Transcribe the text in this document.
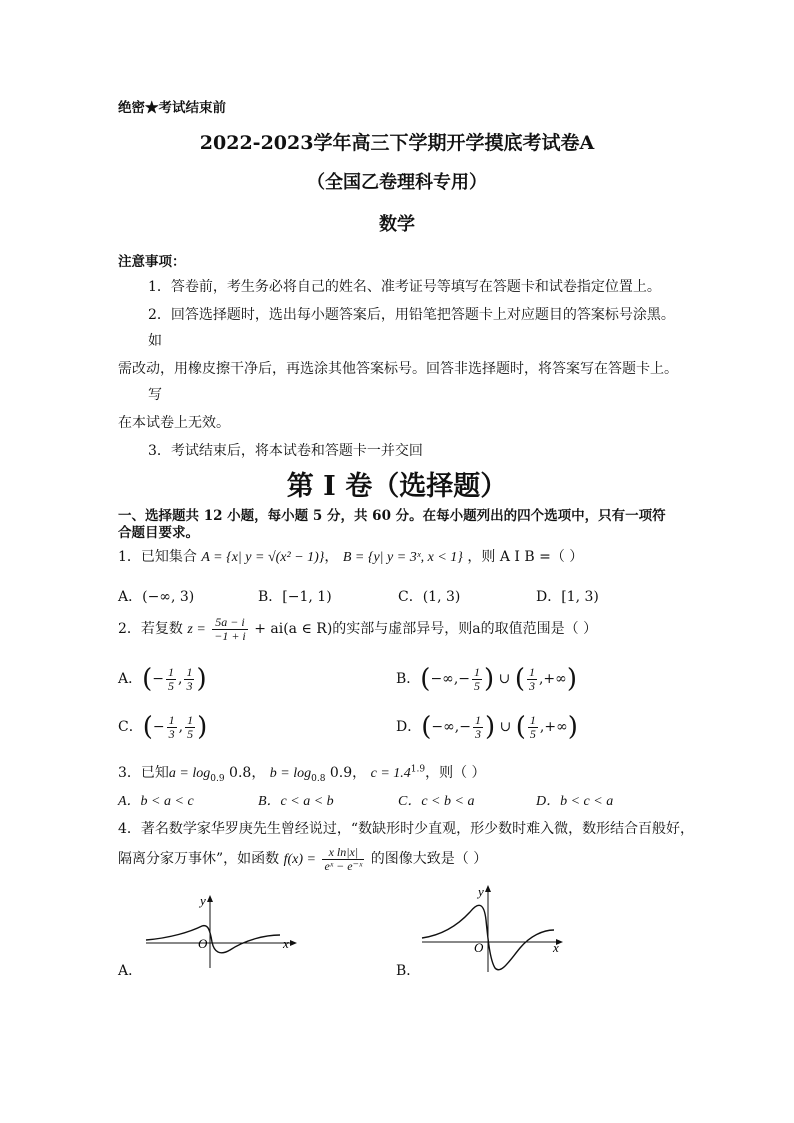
绝密★考试结束前
2022-2023学年高三下学期开学摸底考试卷A
（全国乙卷理科专用）
数学
注意事项：
1．答卷前，考生务必将自己的姓名、准考证号等填写在答题卡和试卷指定位置上。
2．回答选择题时，选出每小题答案后，用铅笔把答题卡上对应题目的答案标号涂黑。
如
需改动，用橡皮擦干净后，再选涂其他答案标号。回答非选择题时，将答案写在答题卡上。
写
在本试卷上无效。
3．考试结束后，将本试卷和答题卡一并交回
第 I 卷（选择题）
一、选择题共 12 小题，每小题 5 分，共 60 分。在每小题列出的四个选项中，只有一项符
合题目要求。
1．已知集合 A = {x| y = √(x² − 1)}， B = {y| y = 3ˣ, x < 1} ，则 A I B =（ ）
A．(−∞, 3)	B．[−1, 1)	C．(1, 3)	D．[1, 3)
2．若复数 $z = \frac{5a - i}{-1 + i} + ai(a$ ∈ R)的实部与虚部异号，则a的取值范围是（ ）
A．(− $\frac{1}{5}$ , $\frac{1}{3}$ )	B．(−∞,− $\frac{1}{5}$ ) ∪ ( $\frac{1}{3}$ ,+∞)
C．(− $\frac{1}{3}$ , $\frac{1}{5}$ )	D．(−∞,− $\frac{1}{3}$ ) ∪ ( $\frac{1}{5}$ ,+∞)
3．已知$a = \log_{0.9} 0.8$， $b = \log_{0.8} 0.9$， $c = 1.4^{1.9}$，则（ ）
A．b < a < c	B．c < a < b	C．c < b < a	D．b < c < a
4．著名数学家华罗庚先生曾经说过，“数缺形时少直观，形少数时难入微，数形结合百般好，
隔离分家万事休”，如函数 $f(x) = \frac{\text{x ln|x|}}{\text{eˣ − e⁻ˣ}}$ 的图像大致是（ ）
x
y
O
A．
x
y
O
B．
